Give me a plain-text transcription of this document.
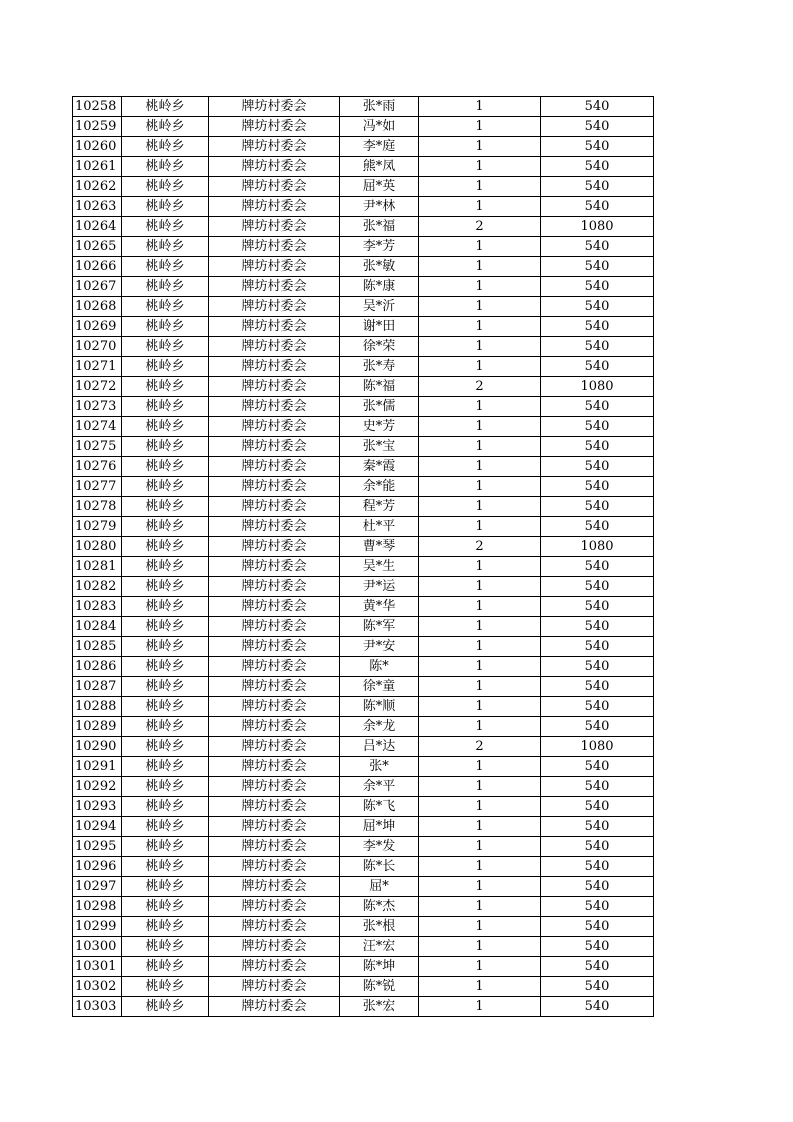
10258	桃岭乡	牌坊村委会	张*雨	1	540
10259	桃岭乡	牌坊村委会	冯*如	1	540
10260	桃岭乡	牌坊村委会	李*庭	1	540
10261	桃岭乡	牌坊村委会	熊*凤	1	540
10262	桃岭乡	牌坊村委会	屈*英	1	540
10263	桃岭乡	牌坊村委会	尹*林	1	540
10264	桃岭乡	牌坊村委会	张*福	2	1080
10265	桃岭乡	牌坊村委会	李*芳	1	540
10266	桃岭乡	牌坊村委会	张*敏	1	540
10267	桃岭乡	牌坊村委会	陈*康	1	540
10268	桃岭乡	牌坊村委会	吴*沂	1	540
10269	桃岭乡	牌坊村委会	谢*田	1	540
10270	桃岭乡	牌坊村委会	徐*荣	1	540
10271	桃岭乡	牌坊村委会	张*寿	1	540
10272	桃岭乡	牌坊村委会	陈*福	2	1080
10273	桃岭乡	牌坊村委会	张*儒	1	540
10274	桃岭乡	牌坊村委会	史*芳	1	540
10275	桃岭乡	牌坊村委会	张*宝	1	540
10276	桃岭乡	牌坊村委会	秦*霞	1	540
10277	桃岭乡	牌坊村委会	余*能	1	540
10278	桃岭乡	牌坊村委会	程*芳	1	540
10279	桃岭乡	牌坊村委会	杜*平	1	540
10280	桃岭乡	牌坊村委会	曹*琴	2	1080
10281	桃岭乡	牌坊村委会	吴*生	1	540
10282	桃岭乡	牌坊村委会	尹*运	1	540
10283	桃岭乡	牌坊村委会	黄*华	1	540
10284	桃岭乡	牌坊村委会	陈*军	1	540
10285	桃岭乡	牌坊村委会	尹*安	1	540
10286	桃岭乡	牌坊村委会	陈*	1	540
10287	桃岭乡	牌坊村委会	徐*童	1	540
10288	桃岭乡	牌坊村委会	陈*顺	1	540
10289	桃岭乡	牌坊村委会	余*龙	1	540
10290	桃岭乡	牌坊村委会	吕*达	2	1080
10291	桃岭乡	牌坊村委会	张*	1	540
10292	桃岭乡	牌坊村委会	余*平	1	540
10293	桃岭乡	牌坊村委会	陈*飞	1	540
10294	桃岭乡	牌坊村委会	屈*坤	1	540
10295	桃岭乡	牌坊村委会	李*发	1	540
10296	桃岭乡	牌坊村委会	陈*长	1	540
10297	桃岭乡	牌坊村委会	屈*	1	540
10298	桃岭乡	牌坊村委会	陈*杰	1	540
10299	桃岭乡	牌坊村委会	张*根	1	540
10300	桃岭乡	牌坊村委会	汪*宏	1	540
10301	桃岭乡	牌坊村委会	陈*坤	1	540
10302	桃岭乡	牌坊村委会	陈*锐	1	540
10303	桃岭乡	牌坊村委会	张*宏	1	540
